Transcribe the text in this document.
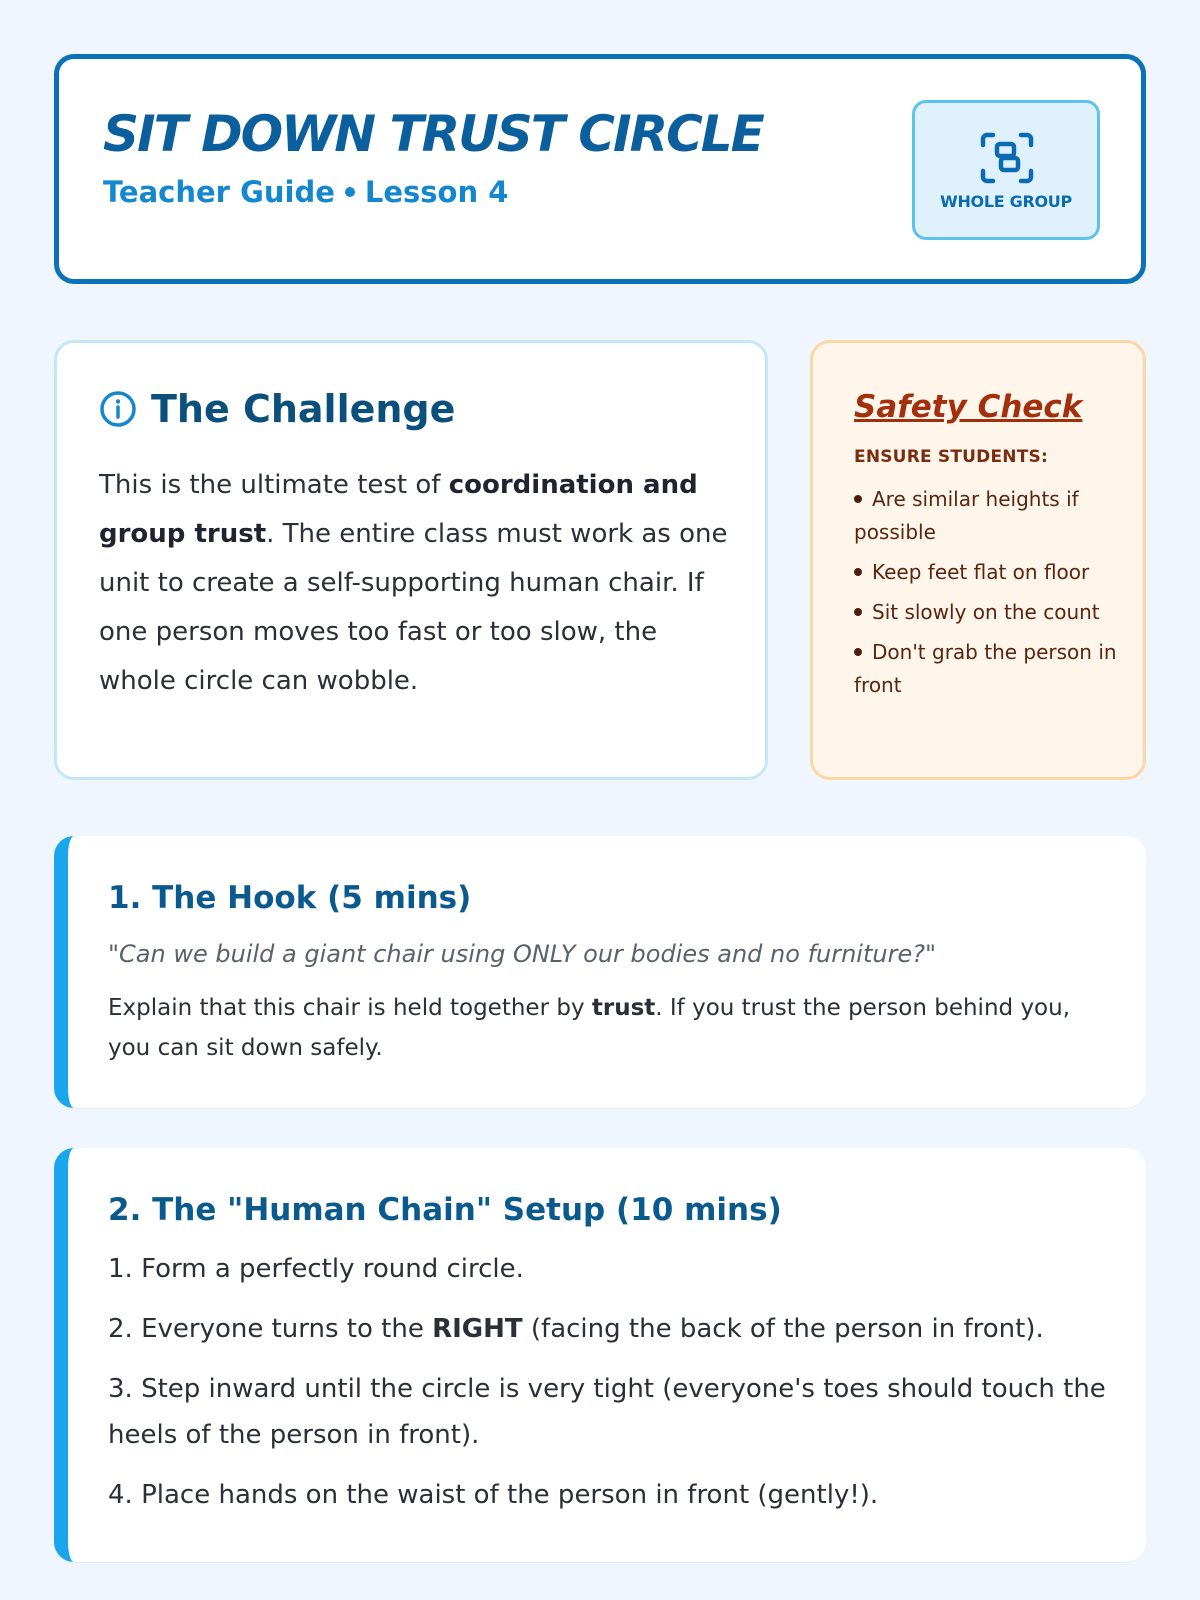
SIT DOWN TRUST CIRCLE
Teacher Guide Lesson 4	WHOLE GROUP
The Challenge

This is the ultimate test of coordination and group trust. The entire class must work as one unit to create a self-supporting human chair. If one person moves too fast or too slow, the whole circle can wobble.

Safety Check
ENSURE STUDENTS:
Are similar heights if possible
Keep feet flat on floor
Sit slowly on the count
Don't grab the person in front
1. The Hook (5 mins)

"Can we build a giant chair using ONLY our bodies and no furniture?"

Explain that this chair is held together by trust. If you trust the person behind you, you can sit down safely.

2. The "Human Chain" Setup (10 mins)
1. Form a perfectly round circle.
2. Everyone turns to the RIGHT (facing the back of the person in front).
3. Step inward until the circle is very tight (everyone's toes should touch the heels of the person in front).
4. Place hands on the waist of the person in front (gently!).
